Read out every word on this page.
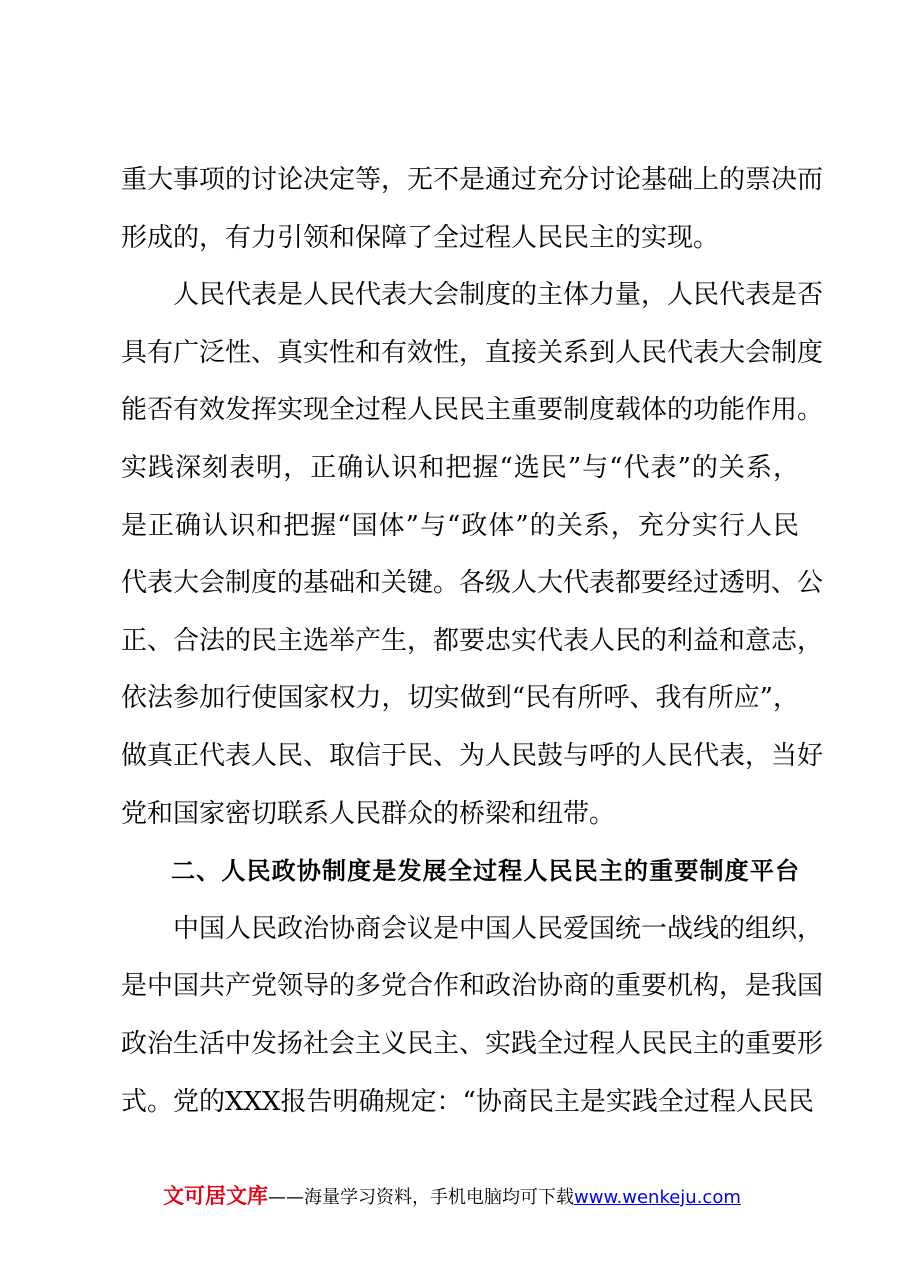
重大事项的讨论决定等，无不是通过充分讨论基础上的票决而
形成的，有力引领和保障了全过程人民民主的实现。
人民代表是人民代表大会制度的主体力量，人民代表是否
具有广泛性、真实性和有效性，直接关系到人民代表大会制度
能否有效发挥实现全过程人民民主重要制度载体的功能作用。
实践深刻表明，正确认识和把握“选民”与“代表”的关系，
是正确认识和把握“国体”与“政体”的关系，充分实行人民
代表大会制度的基础和关键。各级人大代表都要经过透明、公
正、合法的民主选举产生，都要忠实代表人民的利益和意志，
依法参加行使国家权力，切实做到“民有所呼、我有所应”，
做真正代表人民、取信于民、为人民鼓与呼的人民代表，当好
党和国家密切联系人民群众的桥梁和纽带。
二、人民政协制度是发展全过程人民民主的重要制度平台
中国人民政治协商会议是中国人民爱国统一战线的组织，
是中国共产党领导的多党合作和政治协商的重要机构，是我国
政治生活中发扬社会主义民主、实践全过程人民民主的重要形
式。党的XXX报告明确规定：“协商民主是实践全过程人民民
文可居文库——海量学习资料，手机电脑均可下载www.wenkeju.com
